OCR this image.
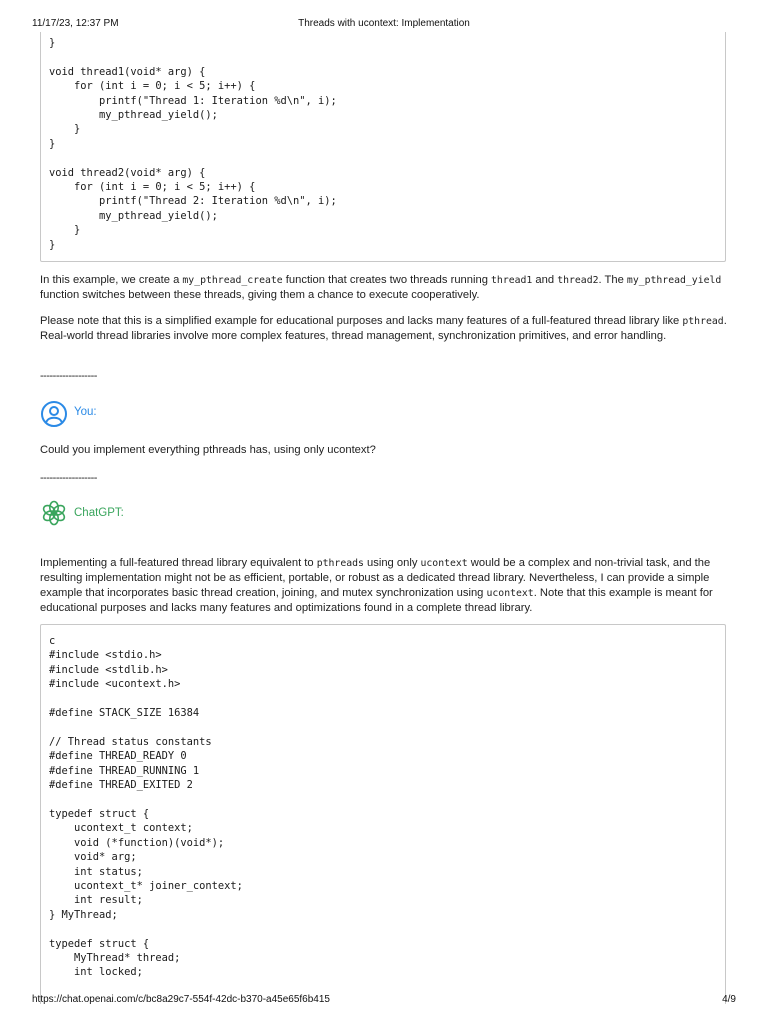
11/17/23, 12:37 PM	Threads with ucontext: Implementation
}

void thread1(void* arg) {
for (int i = 0; i < 5; i++) {
printf("Thread 1: Iteration %d\n", i);
my_pthread_yield();
}
}

void thread2(void* arg) {
for (int i = 0; i < 5; i++) {
printf("Thread 2: Iteration %d\n", i);
my_pthread_yield();
}
}
In this example, we create a my_pthread_create function that creates two threads running thread1 and thread2. The my_pthread_yield function switches between these threads, giving them a chance to execute cooperatively.
Please note that this is a simplified example for educational purposes and lacks many features of a full-featured thread library like pthread. Real-world thread libraries involve more complex features, thread management, synchronization primitives, and error handling.
------------------
You:
Could you implement everything pthreads has, using only ucontext?
------------------
ChatGPT:
Implementing a full-featured thread library equivalent to pthreads using only ucontext would be a complex and non-trivial task, and the resulting implementation might not be as efficient, portable, or robust as a dedicated thread library. Nevertheless, I can provide a simple example that incorporates basic thread creation, joining, and mutex synchronization using ucontext. Note that this example is meant for educational purposes and lacks many features and optimizations found in a complete thread library.
c
#include <stdio.h>
#include <stdlib.h>
#include <ucontext.h>

#define STACK_SIZE 16384

// Thread status constants
#define THREAD_READY 0
#define THREAD_RUNNING 1
#define THREAD_EXITED 2

typedef struct {
ucontext_t context;
void (*function)(void*);
void* arg;
int status;
ucontext_t* joiner_context;
int result;
} MyThread;

typedef struct {
MyThread* thread;
int locked;
https://chat.openai.com/c/bc8a29c7-554f-42dc-b370-a45e65f6b415	4/9
